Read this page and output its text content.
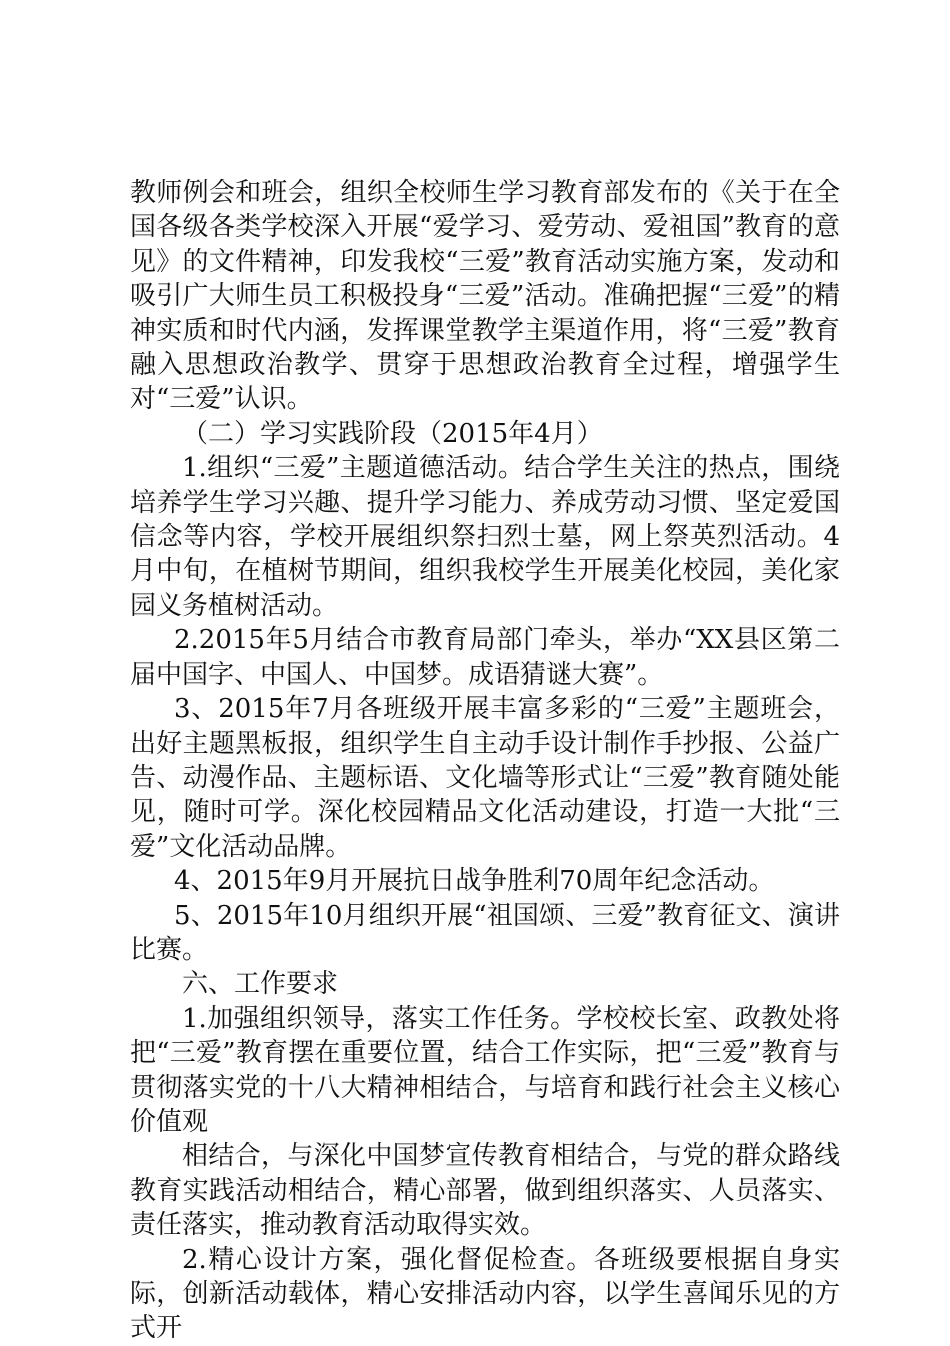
教师例会和班会，组织全校师生学习教育部发布的《关于在全国各级各类学校深入开展“爱学习、爱劳动、爱祖国”教育的意见》的文件精神，印发我校“三爱”教育活动实施方案，发动和吸引广大师生员工积极投身“三爱”活动。准确把握“三爱”的精神实质和时代内涵，发挥课堂教学主渠道作用，将“三爱”教育融入思想政治教学、贯穿于思想政治教育全过程，增强学生对“三爱”认识。

（二）学习实践阶段（2015年4月）

1.组织“三爱”主题道德活动。结合学生关注的热点，围绕培养学生学习兴趣、提升学习能力、养成劳动习惯、坚定爱国信念等内容，学校开展组织祭扫烈士墓，网上祭英烈活动。4月中旬，在植树节期间，组织我校学生开展美化校园，美化家园义务植树活动。

2.2015年5月结合市教育局部门牵头，举办“XX县区第二届中国字、中国人、中国梦。成语猜谜大赛”。

3、2015年7月各班级开展丰富多彩的“三爱”主题班会，出好主题黑板报，组织学生自主动手设计制作手抄报、公益广告、动漫作品、主题标语、文化墙等形式让“三爱”教育随处能见，随时可学。深化校园精品文化活动建设，打造一大批“三爱”文化活动品牌。

4、2015年9月开展抗日战争胜利70周年纪念活动。

5、2015年10月组织开展“祖国颂、三爱”教育征文、演讲比赛。

六、工作要求

1.加强组织领导，落实工作任务。学校校长室、政教处将把“三爱”教育摆在重要位置，结合工作实际，把“三爱”教育与贯彻落实党的十八大精神相结合，与培育和践行社会主义核心价值观

相结合，与深化中国梦宣传教育相结合，与党的群众路线教育实践活动相结合，精心部署，做到组织落实、人员落实、责任落实，推动教育活动取得实效。

2.精心设计方案，强化督促检查。各班级要根据自身实际，创新活动载体，精心安排活动内容，以学生喜闻乐见的方式开
